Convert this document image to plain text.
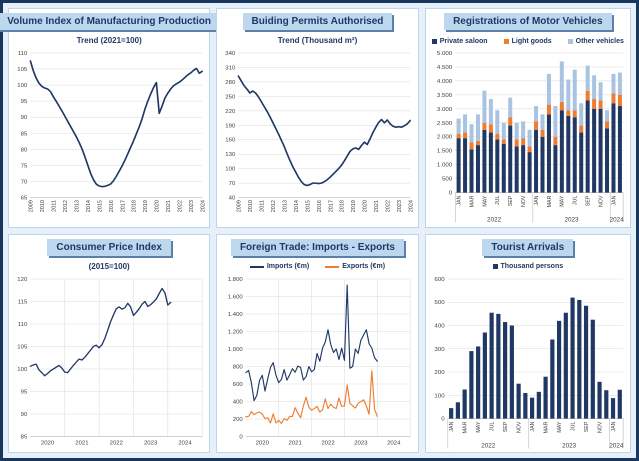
Volume Index of Manufacturing Production
Trend (2021=100)
110
105
100
95
90
85
80
75
70
65
2009 2010 2011 2012 2013 2014 2015 2016 2017 2018 2019 2020 2021 2022 2023 2024
Buiding Permits Authorised
Trend (Thousand m²)
340
310
280
250
220
190
160
130
100
70
40
2009 2010 2011 2012 2013 2014 2015 2016 2017 2018 2019 2020 2021 2022 2023 2024
Registrations of Motor Vehicles
Private saloon	Light goods	Other vehicles
5.000
4.500
4.000
3.500
3.000
2.500
2.000
1.500
1.000
500
0
JAN MAR MAY JUL SEP NOV JAN MAR MAY JUL SEP NOV JAN
2022	2023	2024
Consumer Price Index
(2015=100)
120
115
110
105
100
95
90
85
2020	2021	2022	2023	2024
Foreign Trade: Imports - Exports
Imports (€m)	Exports (€m)
1.800
1.600
1.400
1.200
1.000
800
600
400
200
0
2020	2021	2022	2023	2024
Tourist Arrivals
Thousand persons
600
500
400
300
200
100
0
JAN MAR MAY JUL SEP NOV JAN MAR MAY JUL SEP NOV JAN
2022	2023	2024
